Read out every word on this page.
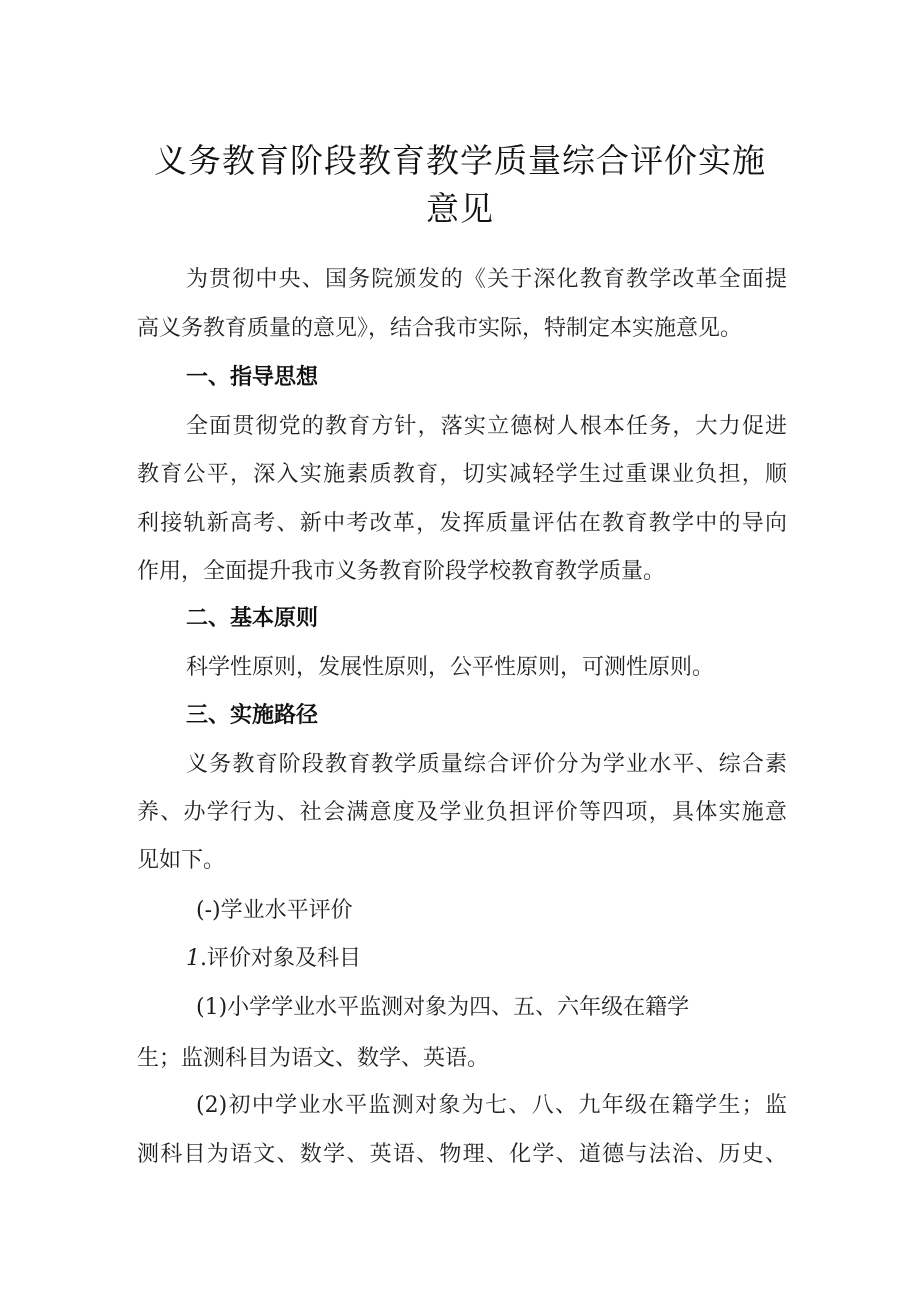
义务教育阶段教育教学质量综合评价实施
意见
为贯彻中央、国务院颁发的《关于深化教育教学改革全面提
高义务教育质量的意见》，结合我市实际，特制定本实施意见。
一、指导思想
全面贯彻党的教育方针，落实立德树人根本任务，大力促进
教育公平，深入实施素质教育，切实减轻学生过重课业负担，顺
利接轨新高考、新中考改革，发挥质量评估在教育教学中的导向
作用，全面提升我市义务教育阶段学校教育教学质量。
二、基本原则
科学性原则，发展性原则，公平性原则，可测性原则。
三、实施路径
义务教育阶段教育教学质量综合评价分为学业水平、综合素
养、办学行为、社会满意度及学业负担评价等四项，具体实施意
见如下。
(-)学业水平评价
1.评价对象及科目
(1)小学学业水平监测对象为四、五、六年级在籍学
生；监测科目为语文、数学、英语。
(2)初中学业水平监测对象为七、八、九年级在籍学生；监
测科目为语文、数学、英语、物理、化学、道德与法治、历史、
